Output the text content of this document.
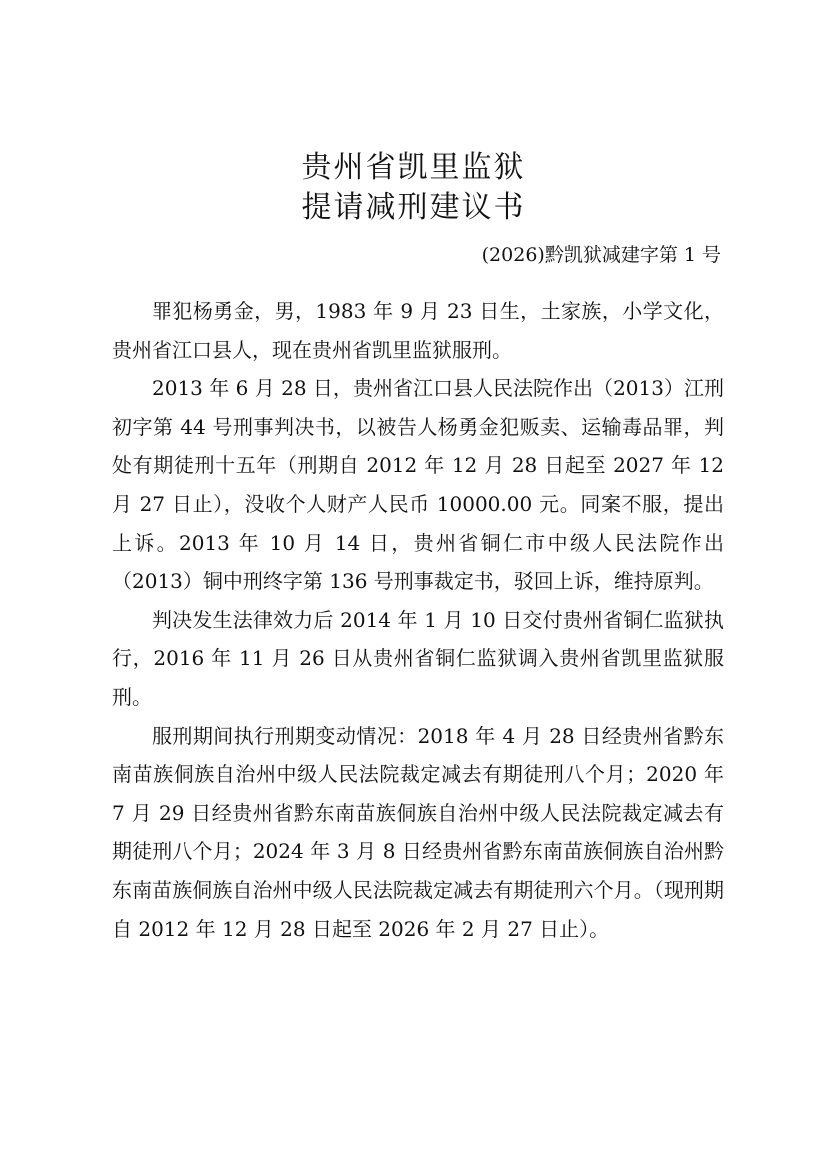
贵州省凯里监狱
提请减刑建议书
(2026)黔凯狱减建字第 1 号

罪犯杨勇金，男，1983 年 9 月 23 日生，土家族，小学文化，贵州省江口县人，现在贵州省凯里监狱服刑。

2013 年 6 月 28 日，贵州省江口县人民法院作出（2013）江刑初字第 44 号刑事判决书，以被告人杨勇金犯贩卖、运输毒品罪，判处有期徒刑十五年（刑期自 2012 年 12 月 28 日起至 2027 年 12 月 27 日止），没收个人财产人民币 10000.00 元。同案不服，提出上诉。2013 年 10 月 14 日，贵州省铜仁市中级人民法院作出（2013）铜中刑终字第 136 号刑事裁定书，驳回上诉，维持原判。

判决发生法律效力后 2014 年 1 月 10 日交付贵州省铜仁监狱执行，2016 年 11 月 26 日从贵州省铜仁监狱调入贵州省凯里监狱服刑。

服刑期间执行刑期变动情况：2018 年 4 月 28 日经贵州省黔东南苗族侗族自治州中级人民法院裁定减去有期徒刑八个月；2020 年 7 月 29 日经贵州省黔东南苗族侗族自治州中级人民法院裁定减去有期徒刑八个月；2024 年 3 月 8 日经贵州省黔东南苗族侗族自治州黔东南苗族侗族自治州中级人民法院裁定减去有期徒刑六个月。（现刑期自 2012 年 12 月 28 日起至 2026 年 2 月 27 日止）。
